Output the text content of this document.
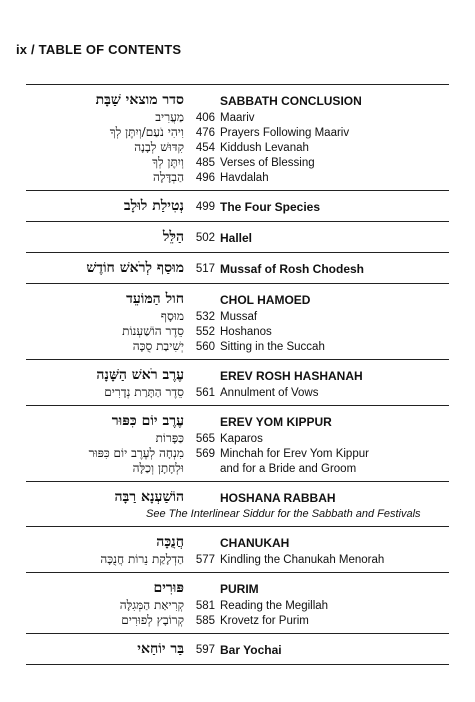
ix / TABLE OF CONTENTS
סדר מוצאי שַׁבָּת	SABBATH CONCLUSION
מַעֲרִיב	406 Maariv
וִיהִי נֹעַם/וְיִתֶּן לְךָ	476 Prayers Following Maariv
קִדּוּשׁ לְבָנָה	454 Kiddush Levanah
וְיִתֶּן לְךָ	485 Verses of Blessing
הַבְדָּלָה	496 Havdalah
נְטִילַת לוּלָב	499 The Four Species
הַלֵּל	502 Hallel
מוּסַף לְרֹאשׁ חוֹדֶשׁ	517 Mussaf of Rosh Chodesh
חול הַמּוֹעֵד	CHOL HAMOED
מוּסָף	532 Mussaf
סֵדֶר הוֹשַׁעְנוֹת	552 Hoshanos
יְשִׁיבַת סֻכָּה	560 Sitting in the Succah
עֶרֶב רֹאשׁ הַשָּׁנָה	EREV ROSH HASHANAH
סֵדֶר הַתָּרַת נְדָרִים	561 Annulment of Vows
עֶרֶב יוֹם כִּפּוּר	EREV YOM KIPPUR
כַּפָּרוֹת	565 Kaparos
מִנְחָה לְעֶרֶב יוֹם כִּפּוּר	569 Minchah for Erev Yom Kippur
וּלְחָתָן וְכַלָּה	and for a Bride and Groom
הוֹשַׁעְנָא רַבָּה	HOSHANA RABBAH
See The Interlinear Siddur for the Sabbath and Festivals
חֲנֻכָּה	CHANUKAH
הַדְלָקַת נֵרוֹת חֲנֻכָּה	577 Kindling the Chanukah Menorah
פּוּרִים	PURIM
קְרִיאַת הַמְּגִלָּה	581 Reading the Megillah
קְרוֹבָץ לְפוּרִים	585 Krovetz for Purim
בַּר יוֹחַאי	597 Bar Yochai
